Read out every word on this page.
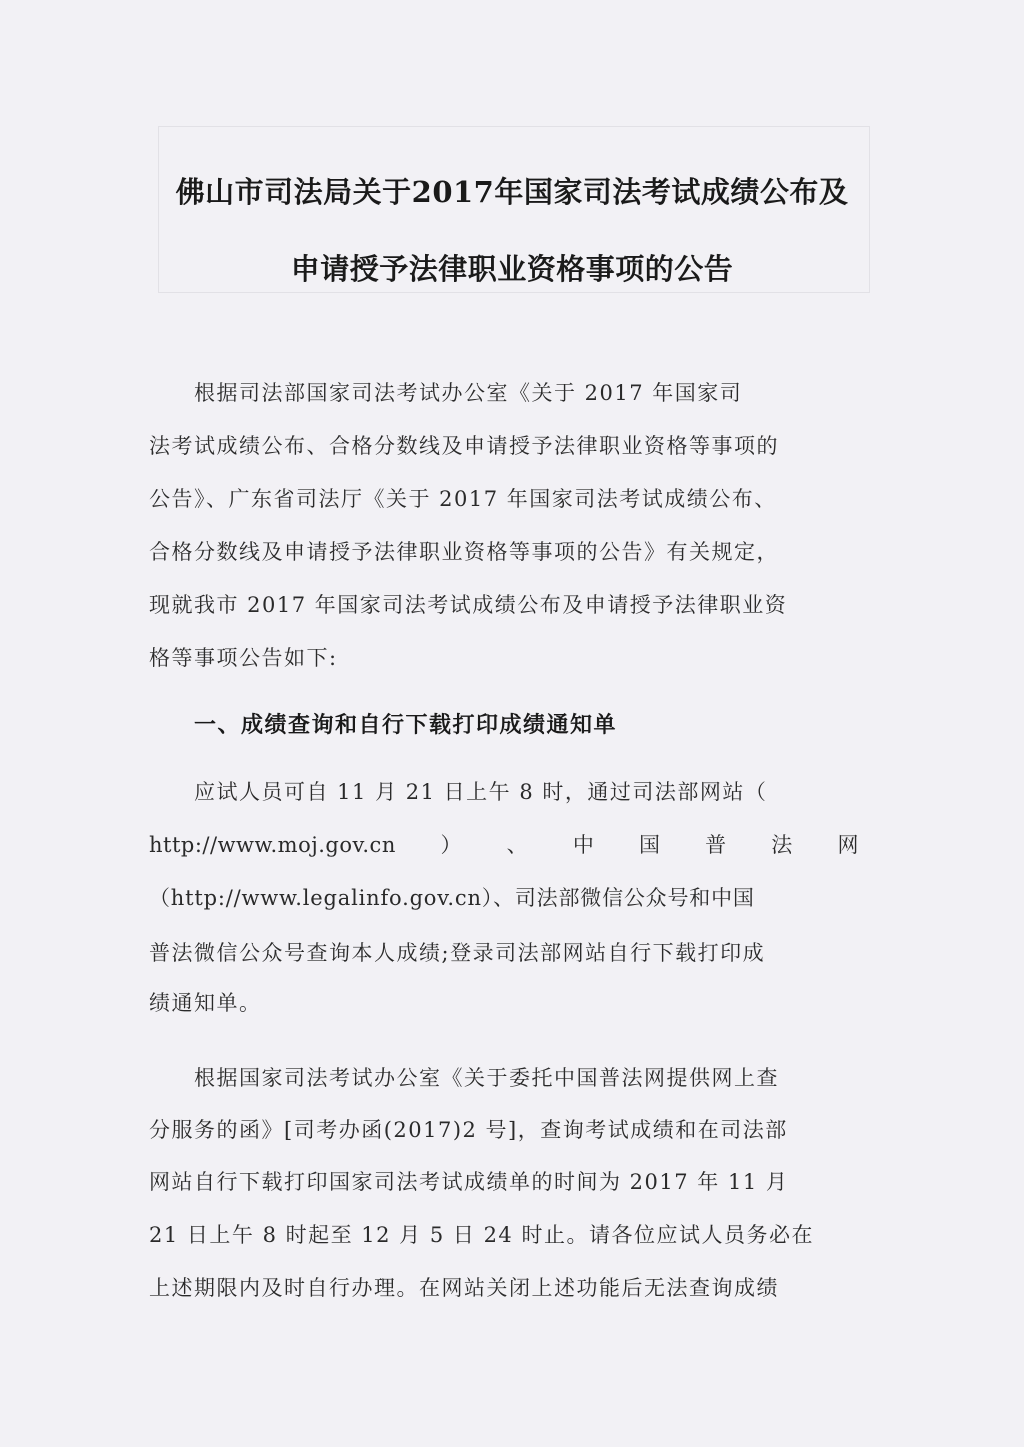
佛山市司法局关于2017年国家司法考试成绩公布及
申请授予法律职业资格事项的公告
根据司法部国家司法考试办公室《关于 2017 年国家司
法考试成绩公布、合格分数线及申请授予法律职业资格等事项的
公告》、广东省司法厅《关于 2017 年国家司法考试成绩公布、
合格分数线及申请授予法律职业资格等事项的公告》有关规定，
现就我市 2017 年国家司法考试成绩公布及申请授予法律职业资
格等事项公告如下:
一、成绩查询和自行下载打印成绩通知单
应试人员可自 11 月 21 日上午 8 时，通过司法部网站（
http://www.moj.gov.cn ） 、 中 国 普 法 网
（http://www.legalinfo.gov.cn）、司法部微信公众号和中国
普法微信公众号查询本人成绩;登录司法部网站自行下载打印成
绩通知单。
根据国家司法考试办公室《关于委托中国普法网提供网上查
分服务的函》[司考办函(2017)2 号]，查询考试成绩和在司法部
网站自行下载打印国家司法考试成绩单的时间为 2017 年 11 月
21 日上午 8 时起至 12 月 5 日 24 时止。请各位应试人员务必在
上述期限内及时自行办理。在网站关闭上述功能后无法查询成绩
